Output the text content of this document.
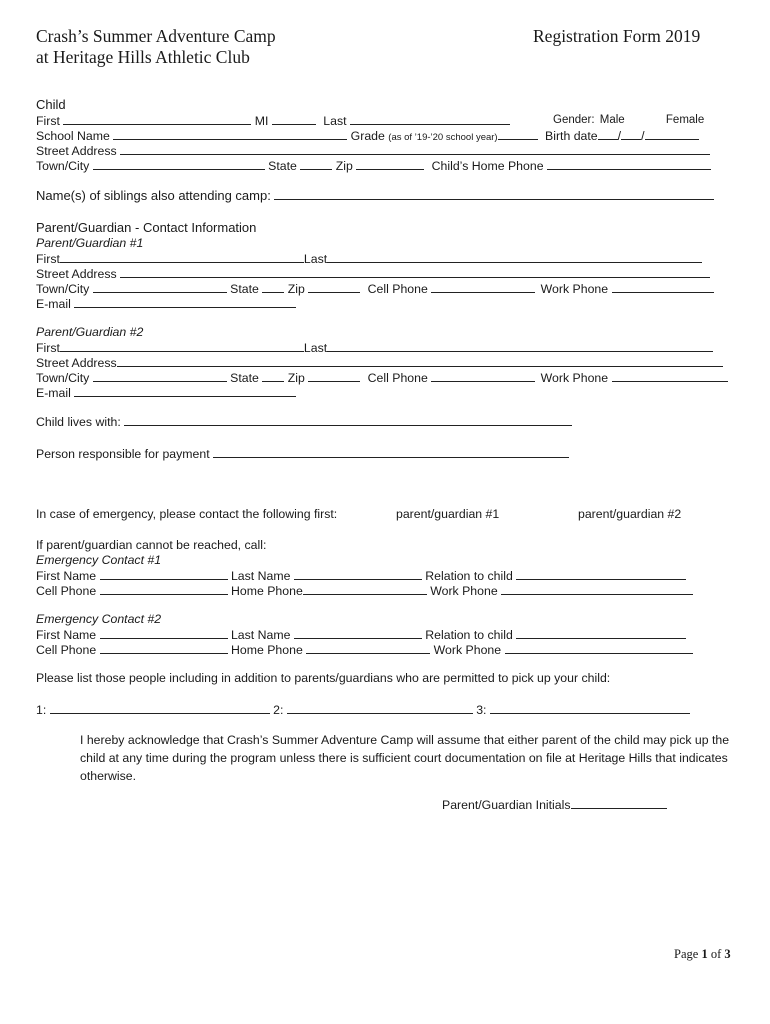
Crash’s Summer Adventure Camp
at Heritage Hills Athletic Club
Registration Form 2019
Child
First	MI	Last	Gender: Male	Female
School Name	Grade (as of ’19-’20 school year)	Birth date / /
Street Address
Town/City	State	Zip	Child’s Home Phone
Name(s) of siblings also attending camp:
Parent/Guardian - Contact Information
Parent/Guardian #1
First	Last
Street Address
Town/City	State Zip	Cell Phone	Work Phone
E-mail
Parent/Guardian #2
First	Last
Street Address
Town/City	State Zip	Cell Phone	Work Phone
E-mail
Child lives with:
Person responsible for payment
In case of emergency, please contact the following first:	parent/guardian #1	parent/guardian #2
If parent/guardian cannot be reached, call:
Emergency Contact #1
First Name	Last Name	Relation to child
Cell Phone	Home Phone	Work Phone
Emergency Contact #2
First Name	Last Name	Relation to child
Cell Phone	Home Phone	Work Phone
Please list those people including in addition to parents/guardians who are permitted to pick up your child:
1:	2:	3:
I hereby acknowledge that Crash’s Summer Adventure Camp will assume that either parent of the child may pick up the child at any time during the program unless there is sufficient court documentation on file at Heritage Hills that indicates otherwise.
Parent/Guardian Initials
Page 1 of 3
